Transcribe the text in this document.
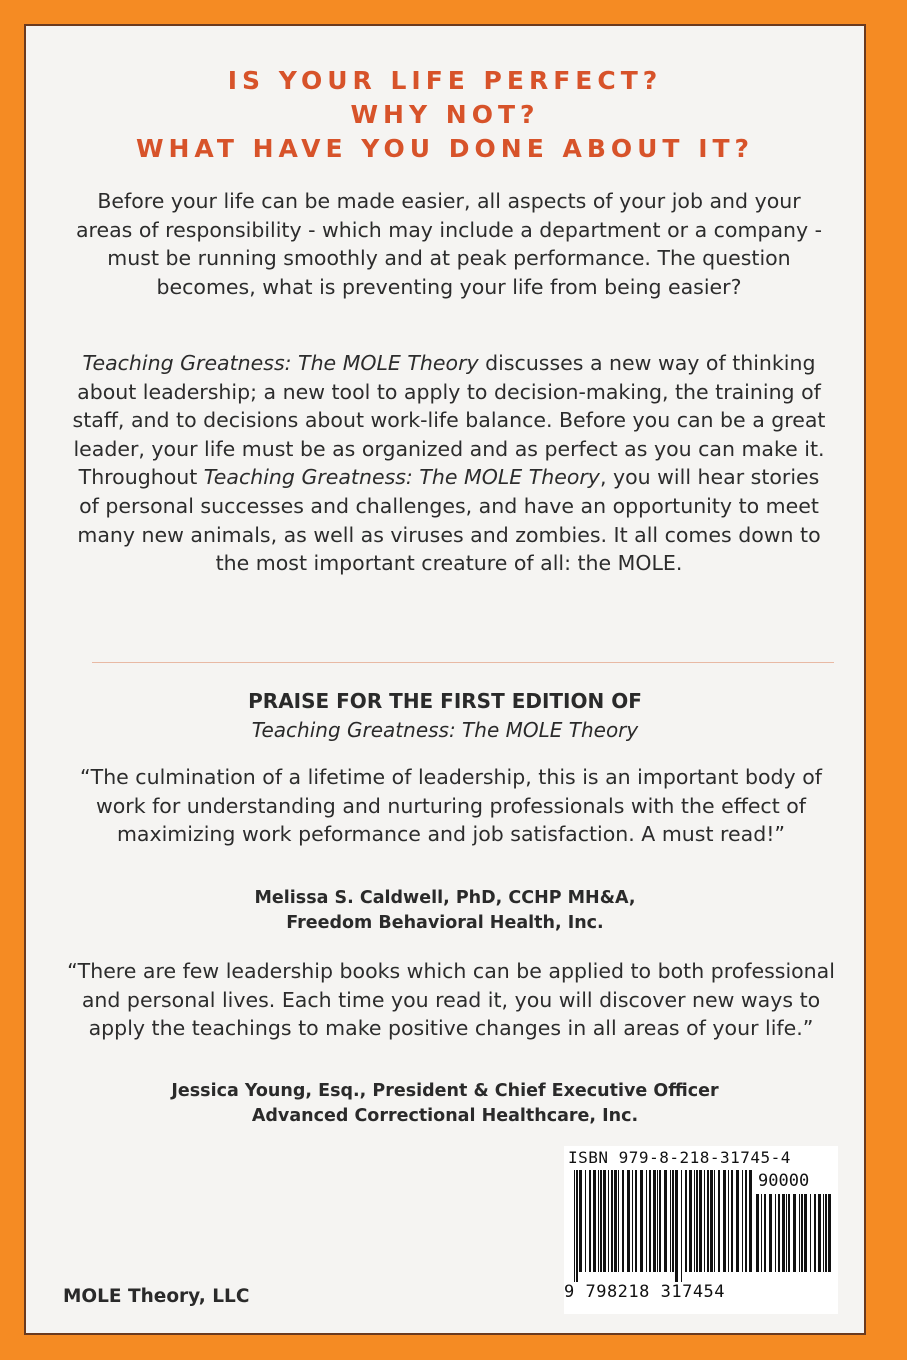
IS YOUR LIFE PERFECT?
WHY NOT?
WHAT HAVE YOU DONE ABOUT IT?
Before your life can be made easier, all aspects of your job and your areas of responsibility - which may include a department or a company - must be running smoothly and at peak performance. The question becomes, what is preventing your life from being easier?
Teaching Greatness: The MOLE Theory discusses a new way of thinking about leadership; a new tool to apply to decision-making, the training of staff, and to decisions about work-life balance. Before you can be a great leader, your life must be as organized and as perfect as you can make it. Throughout Teaching Greatness: The MOLE Theory, you will hear stories of personal successes and challenges, and have an opportunity to meet many new animals, as well as viruses and zombies. It all comes down to the most important creature of all: the MOLE.
PRAISE FOR THE FIRST EDITION OF
Teaching Greatness: The MOLE Theory
“The culmination of a lifetime of leadership, this is an important body of work for understanding and nurturing professionals with the effect of maximizing work peformance and job satisfaction. A must read!”
Melissa S. Caldwell, PhD, CCHP MH&A,
Freedom Behavioral Health, Inc.
“There are few leadership books which can be applied to both professional and personal lives. Each time you read it, you will discover new ways to apply the teachings to make positive changes in all areas of your life.”
Jessica Young, Esq., President & Chief Executive Officer
Advanced Correctional Healthcare, Inc.
MOLE Theory, LLC
ISBN 979-8-218-31745-4
90000
9 798218 317454
